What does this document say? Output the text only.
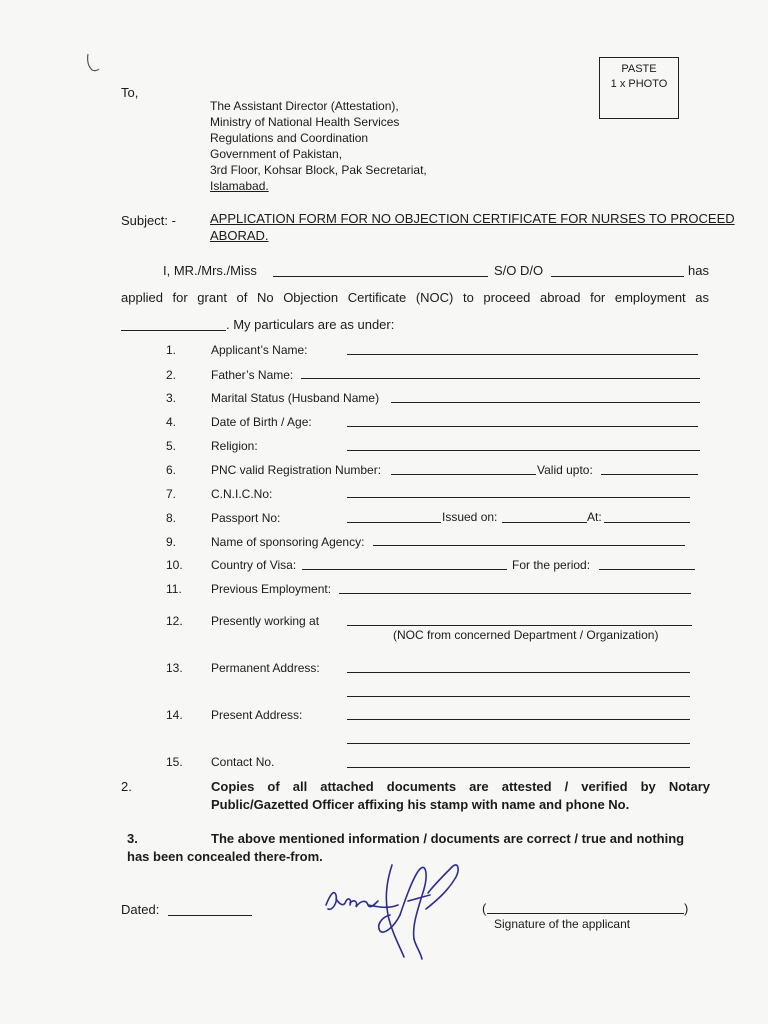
PASTE
1 x PHOTO
To,
The Assistant Director (Attestation),
Ministry of National Health Services
Regulations and Coordination
Government of Pakistan,
3rd Floor, Kohsar Block, Pak Secretariat,
Islamabad.
Subject: -	APPLICATION FORM FOR NO OBJECTION CERTIFICATE FOR NURSES TO PROCEED
ABORAD.
I, MR./Mrs./Miss	S/O D/O	has
applied for grant of No Objection Certificate (NOC) to proceed abroad for employment as
. My particulars are as under:
1.	Applicant’s Name:
2.	Father’s Name:
3.	Marital Status (Husband Name)
4.	Date of Birth / Age:
5.	Religion:
6.	PNC valid Registration Number:	Valid upto:
7.	C.N.I.C.No:
8.	Passport No:	Issued on:	At:
9.	Name of sponsoring Agency:
10.	Country of Visa:	For the period:
11.	Previous Employment:
12.	Presently working at
(NOC from concerned Department / Organization)
13.	Permanent Address:
14.	Present Address:
15.	Contact No.
2.	Copies of all attached documents are attested / verified by Notary
Public/Gazetted Officer affixing his stamp with name and phone No.
3.	The above mentioned information / documents are correct / true and nothing
has been concealed there-from.
Dated:	(	)
Signature of the applicant
